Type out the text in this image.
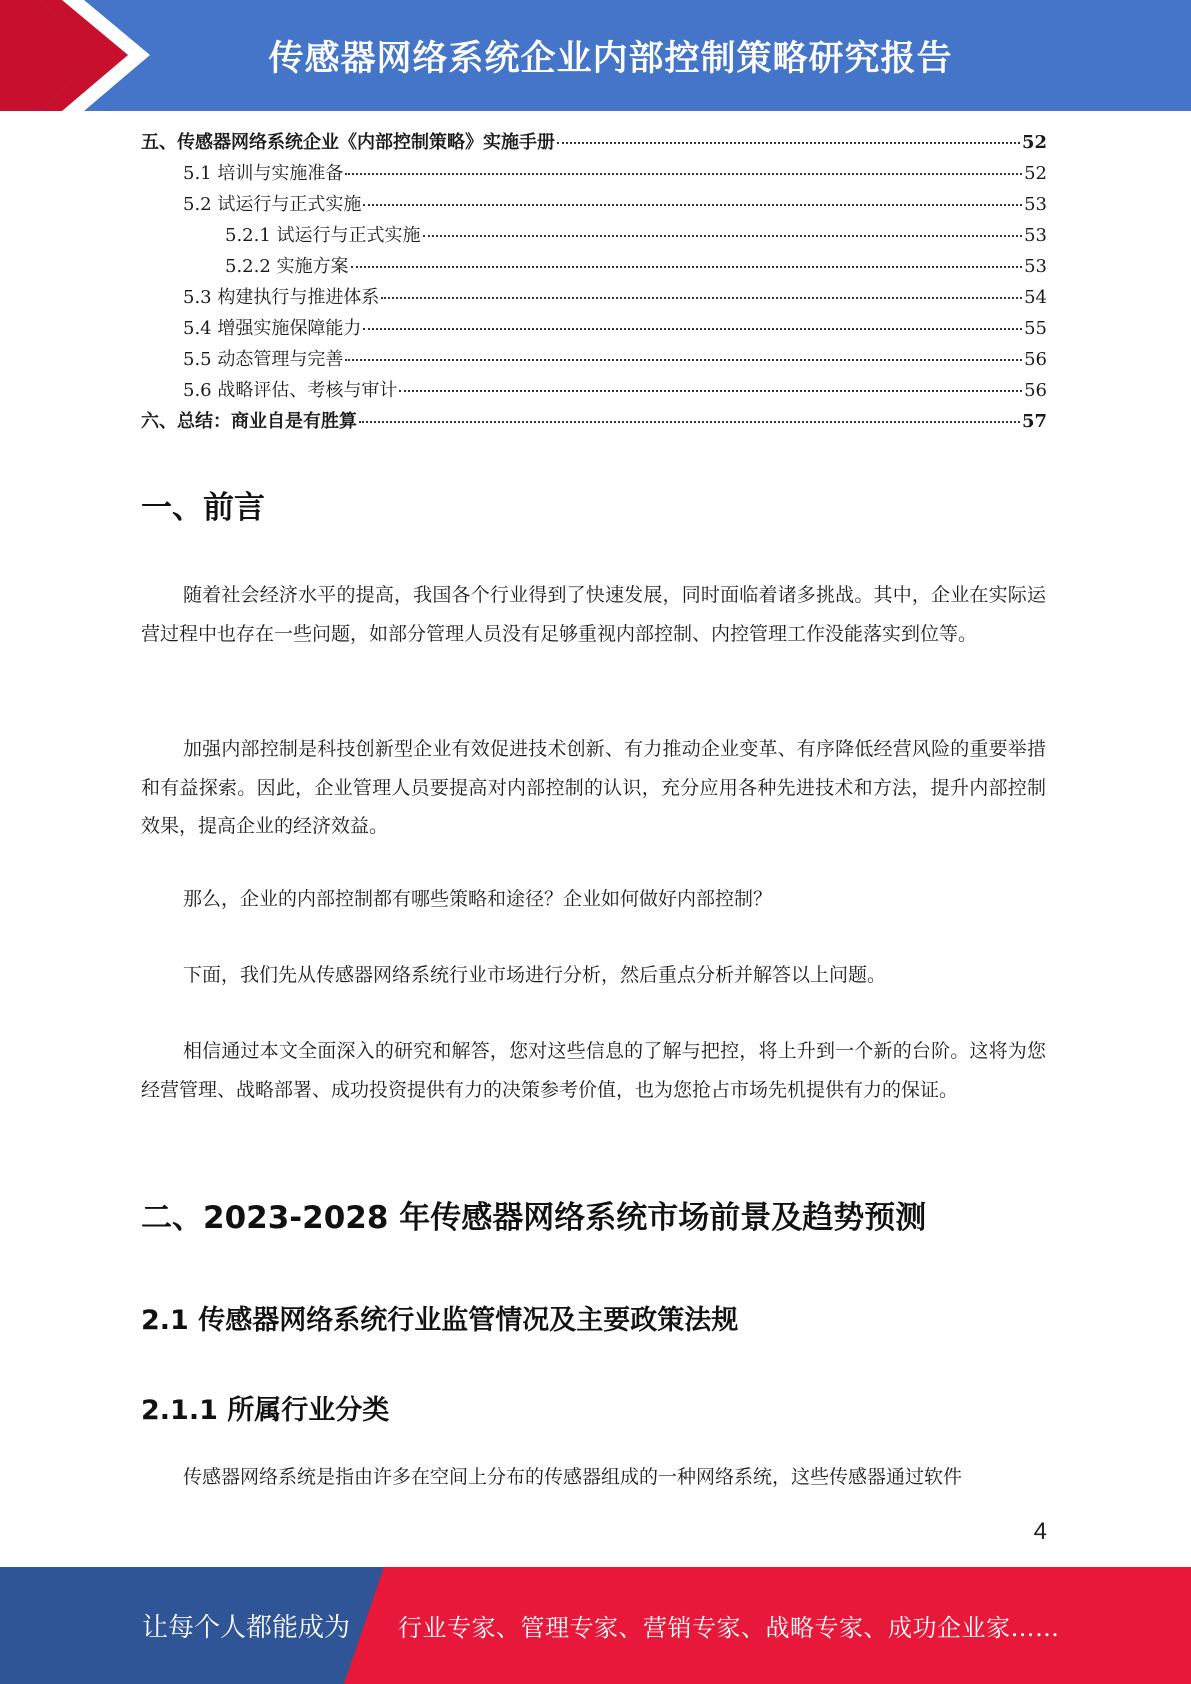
传感器网络系统企业内部控制策略研究报告
五、传感器网络系统企业《内部控制策略》实施手册	52
5.1 培训与实施准备	52
5.2 试运行与正式实施	53
5.2.1 试运行与正式实施	53
5.2.2 实施方案	53
5.3 构建执行与推进体系	54
5.4 增强实施保障能力	55
5.5 动态管理与完善	56
5.6 战略评估、考核与审计	56
六、总结：商业自是有胜算	57
一、前言

随着社会经济水平的提高，我国各个行业得到了快速发展，同时面临着诸多挑战。其中，企业在实际运营过程中也存在一些问题，如部分管理人员没有足够重视内部控制、内控管理工作没能落实到位等。

加强内部控制是科技创新型企业有效促进技术创新、有力推动企业变革、有序降低经营风险的重要举措和有益探索。因此，企业管理人员要提高对内部控制的认识，充分应用各种先进技术和方法，提升内部控制效果，提高企业的经济效益。

那么，企业的内部控制都有哪些策略和途径？企业如何做好内部控制？

下面，我们先从传感器网络系统行业市场进行分析，然后重点分析并解答以上问题。

相信通过本文全面深入的研究和解答，您对这些信息的了解与把控，将上升到一个新的台阶。这将为您经营管理、战略部署、成功投资提供有力的决策参考价值，也为您抢占市场先机提供有力的保证。

二、2023-2028 年传感器网络系统市场前景及趋势预测
2.1 传感器网络系统行业监管情况及主要政策法规
2.1.1 所属行业分类

传感器网络系统是指由许多在空间上分布的传感器组成的一种网络系统，这些传感器通过软件

4
让每个人都能成为 行业专家、管理专家、营销专家、战略专家、成功企业家……
